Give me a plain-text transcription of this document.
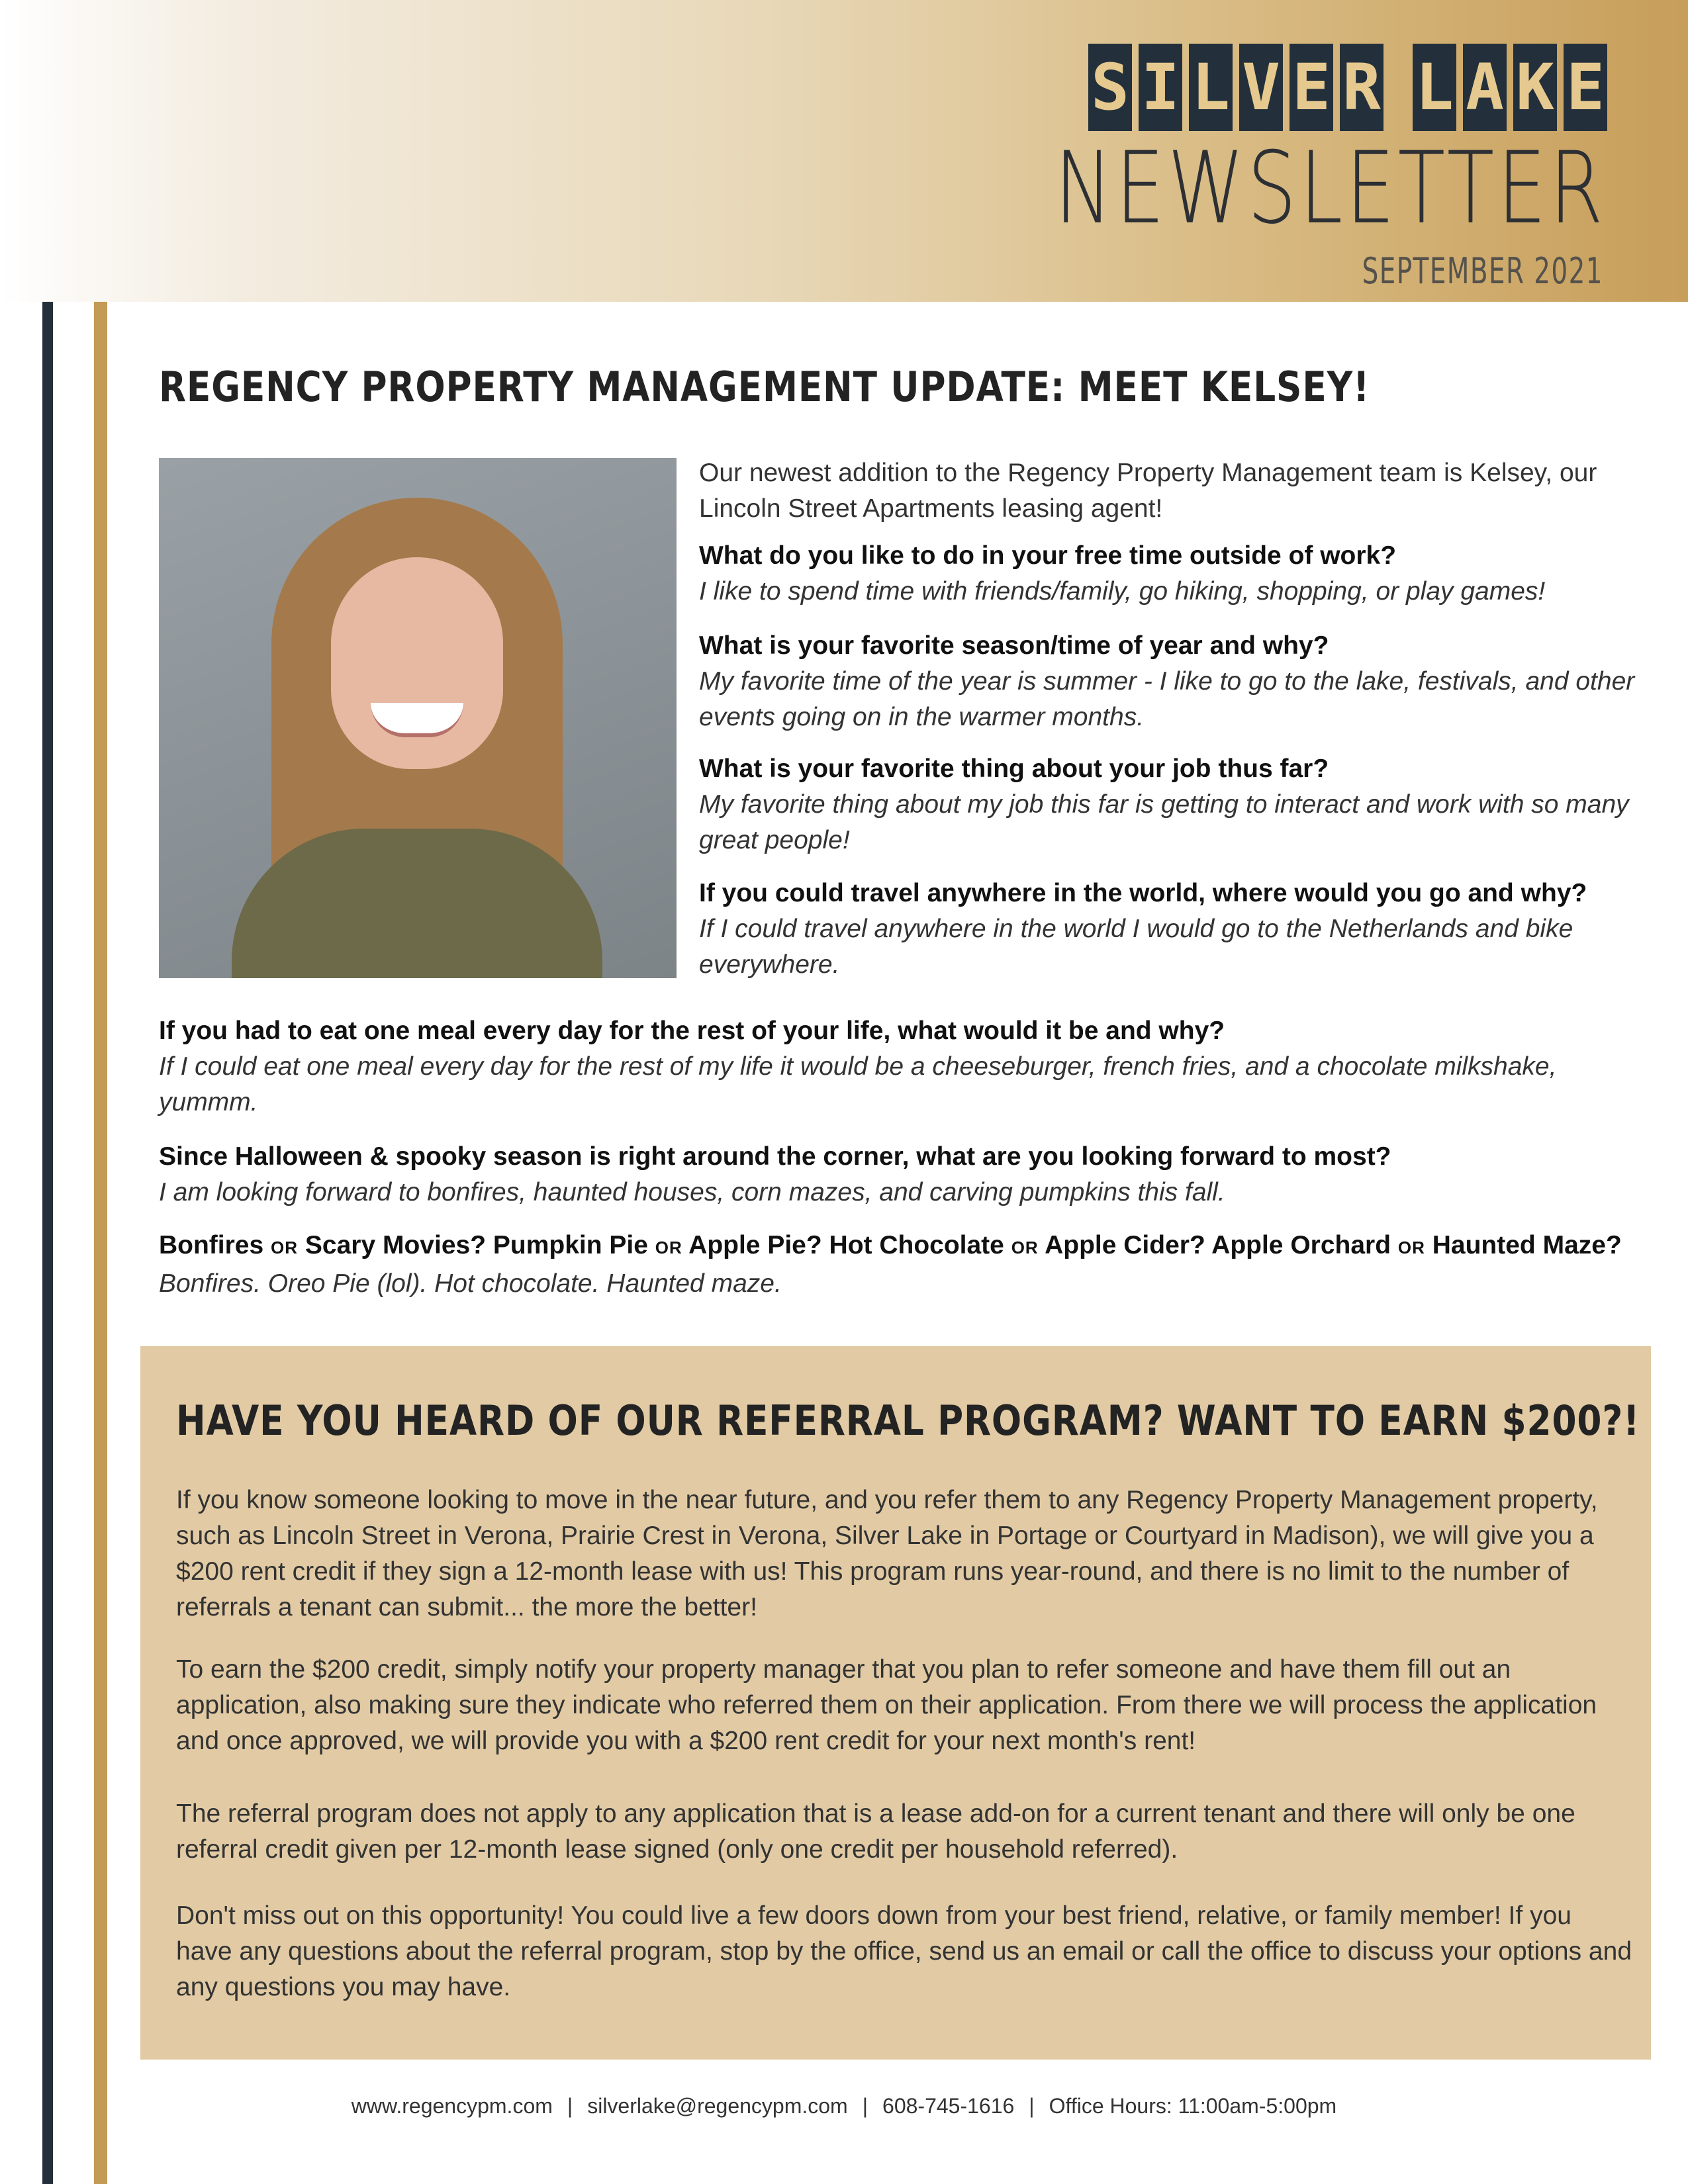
S I L V E R L A K E
NEWSLETTER
SEPTEMBER 2021
REGENCY PROPERTY MANAGEMENT UPDATE: MEET KELSEY!

Our newest addition to the Regency Property Management team is Kelsey, our Lincoln Street Apartments leasing agent!

What do you like to do in your free time outside of work?

I like to spend time with friends/family, go hiking, shopping, or play games!

What is your favorite season/time of year and why?

My favorite time of the year is summer - I like to go to the lake, festivals, and other events going on in the warmer months.

What is your favorite thing about your job thus far?

My favorite thing about my job this far is getting to interact and work with so many great people!

If you could travel anywhere in the world, where would you go and why?

If I could travel anywhere in the world I would go to the Netherlands and bike everywhere.

If you had to eat one meal every day for the rest of your life, what would it be and why?

If I could eat one meal every day for the rest of my life it would be a cheeseburger, french fries, and a chocolate milkshake, yummm.

Since Halloween & spooky season is right around the corner, what are you looking forward to most?

I am looking forward to bonfires, haunted houses, corn mazes, and carving pumpkins this fall.

Bonfires OR Scary Movies? Pumpkin Pie OR Apple Pie? Hot Chocolate OR Apple Cider? Apple Orchard OR Haunted Maze?

Bonfires. Oreo Pie (lol). Hot chocolate. Haunted maze.

HAVE YOU HEARD OF OUR REFERRAL PROGRAM? WANT TO EARN $200?!

If you know someone looking to move in the near future, and you refer them to any Regency Property Management property, such as Lincoln Street in Verona, Prairie Crest in Verona, Silver Lake in Portage or Courtyard in Madison), we will give you a $200 rent credit if they sign a 12-month lease with us! This program runs year-round, and there is no limit to the number of referrals a tenant can submit... the more the better!

To earn the $200 credit, simply notify your property manager that you plan to refer someone and have them fill out an application, also making sure they indicate who referred them on their application. From there we will process the application and once approved, we will provide you with a $200 rent credit for your next month's rent!

The referral program does not apply to any application that is a lease add-on for a current tenant and there will only be one referral credit given per 12-month lease signed (only one credit per household referred).

Don't miss out on this opportunity! You could live a few doors down from your best friend, relative, or family member! If you have any questions about the referral program, stop by the office, send us an email or call the office to discuss your options and any questions you may have.

www.regencypm.com | silverlake@regencypm.com | 608-745-1616 | Office Hours: 11:00am-5:00pm
